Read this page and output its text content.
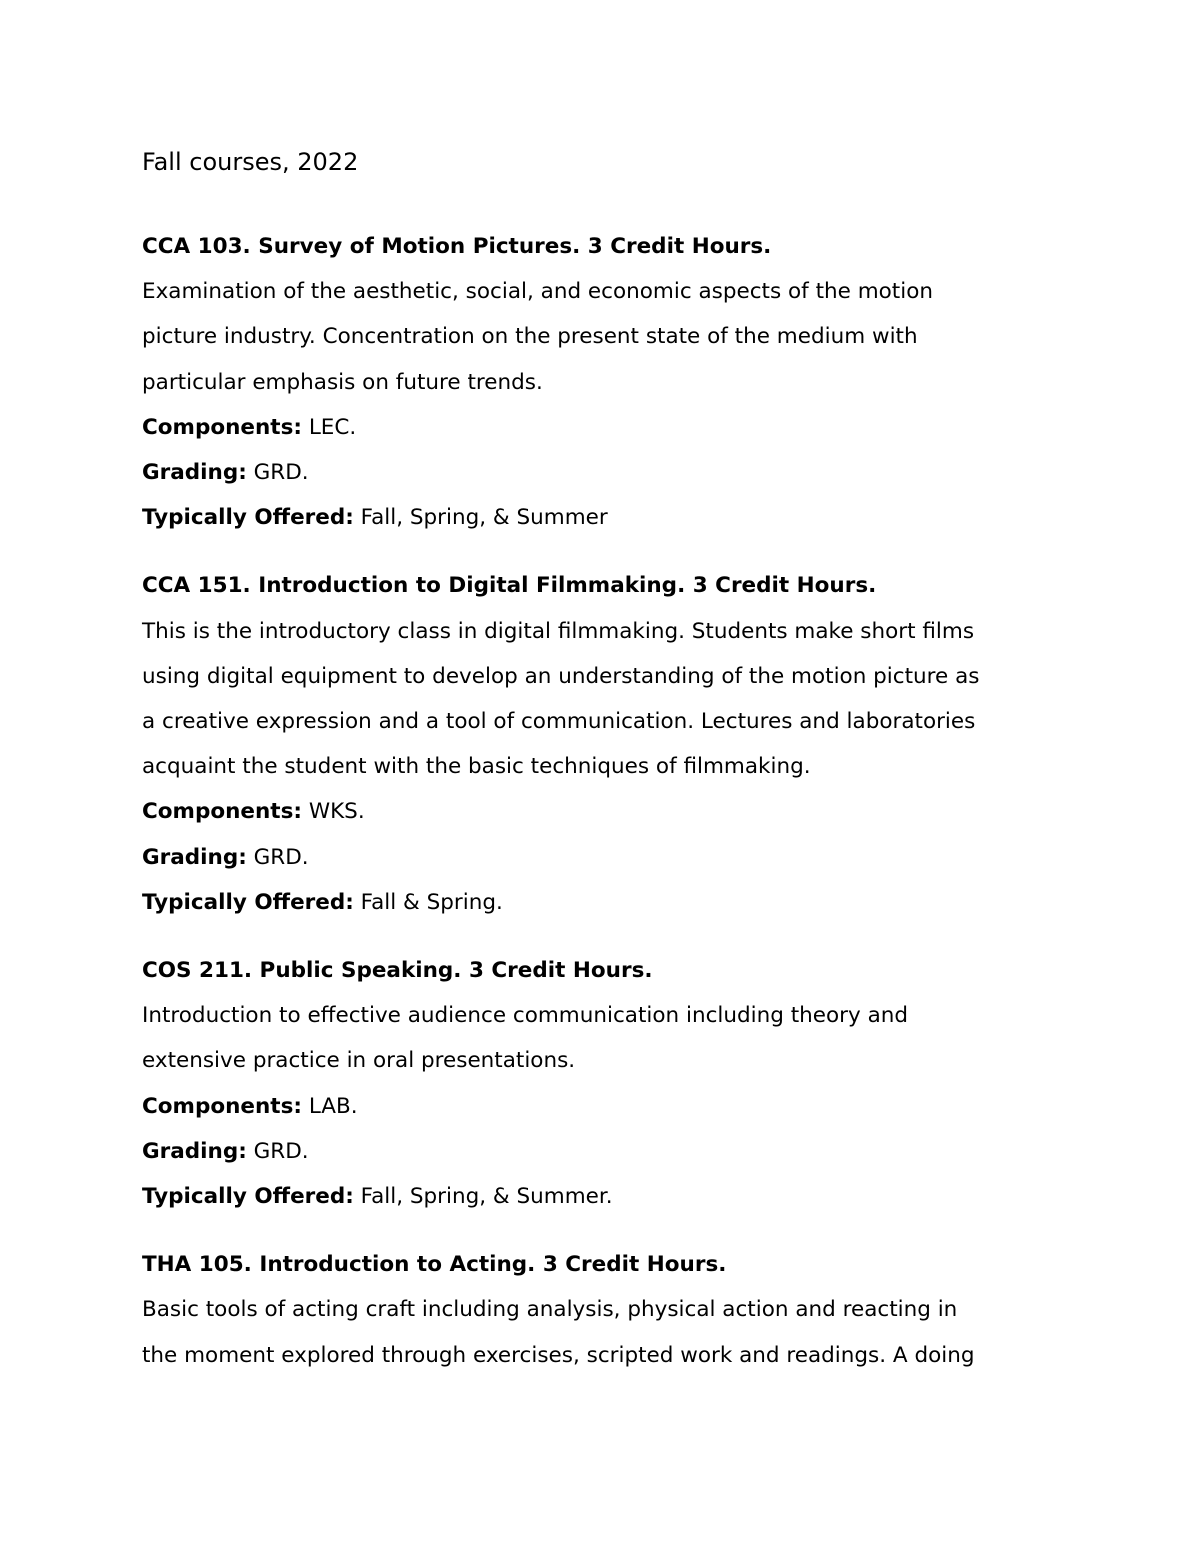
Fall courses, 2022

CCA 103. Survey of Motion Pictures. 3 Credit Hours.

Examination of the aesthetic, social, and economic aspects of the motion

picture industry. Concentration on the present state of the medium with

particular emphasis on future trends.

Components: LEC.

Grading: GRD.

Typically Offered: Fall, Spring, & Summer

CCA 151. Introduction to Digital Filmmaking. 3 Credit Hours.

This is the introductory class in digital filmmaking. Students make short films

using digital equipment to develop an understanding of the motion picture as

a creative expression and a tool of communication. Lectures and laboratories

acquaint the student with the basic techniques of filmmaking.

Components: WKS.

Grading: GRD.

Typically Offered: Fall & Spring.

COS 211. Public Speaking. 3 Credit Hours.

Introduction to effective audience communication including theory and

extensive practice in oral presentations.

Components: LAB.

Grading: GRD.

Typically Offered: Fall, Spring, & Summer.

THA 105. Introduction to Acting. 3 Credit Hours.

Basic tools of acting craft including analysis, physical action and reacting in

the moment explored through exercises, scripted work and readings. A doing
